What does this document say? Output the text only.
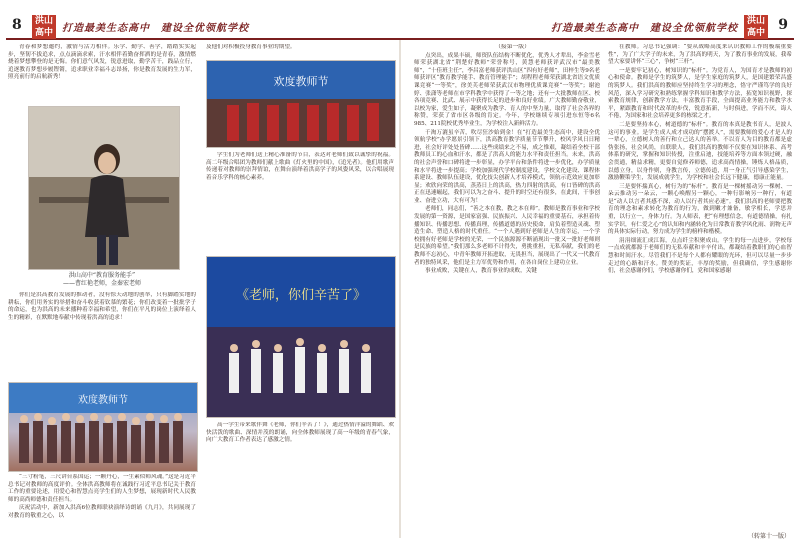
8	洪山高中 打造最美生态高中　建设全优领航学校

青春和梦想邀约，激情与活力相伴。乐学、勤学、善学，踏踏实实起步，坚韧不拔追求，点点滴滴求索，汗水相伴着勤奋挥洒的是青春，激情燃烧着梦想攀登的是无悔。你们意气风发，锐意进取，勤学苦干，践品立行，追逐教育梦想步履铿锵，追求职业幸福斗志昂扬，你是教育发展的生力军，照亮前行的启航新秀！

洪山高中“教育服务能手”
——曹红艳老师，金秦宏老师

你们是洪高教育发展的推动者，没有惊天动地的创举，只有脚踏实地的耕耘，你们用务实的举措和奋斗收获着钦慕的繁花；你们改变着一批批学子的命运，也为洪高的未来播种着幸福和希望，你们在平凡的岗位上演绎着人生的精彩，在默默地奉献中传现着洪高的追求！

欢度教师节

“三寸粉笔，三尺讲台系国运；一颗丹心，一生素似师风魂。”这是习近平总书记对教师的高度评价。全体洪高教师将在诚践行习近平总书记关于教育工作的重要论述，用爱心和智慧点亮学生们的人生梦想，展现新时代人民教师的高尚师德和责任担当。

庆祝活动中，新加入洪高6位教师联袂演绎诗朗诵《九月》，共同展现了对教育的敬重之心，以

及他们对积极投身教育事业的期望。

欢度教师节

学生们为老师们送上精心准备的节目，表达对老师们致以诚挚的祝福。高二年级合唱团为教师们献上歌曲《灯火里的中国》，《追光者》。他们用歌声传递着对教师的崇拜情谊，在舞台演绎着洪高学子的风姿风采，以合唱展现着音乐学科的核心素养。

《老师，你们辛苦了》

高一学生带来歌伴舞《老师，你们辛苦了！》，通过热情洋溢的舞蹈、欢快活泼的歌曲、深情并茂的朗诵，向全体教师展现了高一年级的青春气象，向广大教育工作者表达了感激之情。

打造最美生态高中　建设全优领航学校
洪山高中 9

（接第一版）

点突出，成果丰硕，师资队伍结构不断优化，优秀人才辈出，李金雪老师荣获湖北省“荆楚好教师”荣誉称号，黄慧老师获评武汉市“最美教师”，“十佳班主任”，李昌富老师获评洪山区“四有好老师”，田梓生等9名老师获评区“教育教学能手、教育管理能手”；胡程程老师荣获湖北省语文优质课竞赛“一等奖”，徐美芙老师荣获武汉市物理优质课竞赛“一等奖”；谢池婷、张潇等老师在市学科教学中获得了一等之地；还有一大批教师在区、校各项竞赛、比武、展示中获得长足的进步和良好业绩。广大教师勤奋敬业，以校为家，爱生如子，凝聚成为教学、育人的中坚力量，取得了社会各界的称赞，荣获了省市区各级的肯定。今年，学校继续专项引进东恒等6名985、211院校优秀毕业生，为学校注入新鲜活力。

千淘万漉虽辛苦，吹尽狂沙始到金！在“打造最美生态高中，建设全优领航学校”办学愿景引领下，洪高教育教学质量节节攀升，校风学风日日精进，社会好评处处皆碑……这些成绩来之不易，成之惟艰，凝结着全校干部教师员工的心血和汗水，都是了洪高人的能力水平和责任担当。未来，洪高的社会声誉和口碑将进一步彰显，办学平台和条件将进一步优化，办学质量和水平将进一步提高；学校加强现代学校制度建设，学校文化建设、课程体系建设、教师队伍建设，优化技尖创新人才培养模式，领航示范效应更加彰显；欢欣向荣的洪高，蒸蒸日上的洪高，热力四射的洪高，有口皆碑的洪高正在迅速崛起，我们可以为之奋斗、提升的时空还有很多，在此间，干事创业、奋进立功，大有可为！

老师们，同志们，“善之本在教，教之本在师”。教师是教育事业和学校发展的第一资源，是国家富强、民族振兴、人民幸福的重要基石，承担着传播知识、传播思想、传播真理，传播道德的历史使命，肩负着塑造灵魂、塑造生命、塑造人格的时代重任。“一个人遇到好老师是人生的幸运，一个学校拥有好老师是学校的光荣，一个民族源源不断涌现出一批又一批好老师则是民族的希望。”我们那么多老师不计得失，勇挑重担，无私奉献，我们的老教师不忘初心，中青年教师开拓进取，无畏担当，展现出了一代又一代教育者的独特风采，他们是主力军优势和作用，在各自岗位上建功立业。

事业成败，关键在人，教育事业的成败，关键

在教师。习总书记强调：“要从战略高度来认识教师工作的极端重要性”，为了广大学子的未来，为了洪高的明天，为了教育事业的发展，我希望大家要讲怀“三心”，争树“三杆”。

一是要牢记初心，树知识的“标杆”。为党育人，为国育才是教师的初心和使命。教师是学生的筑梦人，是学生家庭的筑梦人，是国建繁荣昌盛的筑梦人。我们洪高的教师应坚持终生学习的理念，恪守严谨笃学的良好风范，深入学习研究和熟练掌握学科知识和教学方法，拓宽知识视野，探索教育规律，创新教学方法，丰富教育手段，全面提高业务能力和教学水平，紧跟教育和时代改革的步伐，锐意拓新，与时俱进，学而不厌，诲人不倦，为国家和社会培养更多的栋梁之才。

二是要坚持本心，树道德的“标杆”。教育的本真是教书育人，是波人这可的事业。是学生成人成才成功的“摆渡人”，需要教师的爱心才是人的一辈心，立德树人的善行和立己达人的善举。不以育人为目的教育都是虚伪张扬，社会风尚，自联联人。我们洪高的教师不仅要在知识体系、高考体系的研究，掌握和知识传授，注重启迪，技能培养等方面本领过硬，融会贯通，精益求精，更要自觉修养师德，追求高尚情操，锤炼人格品质，以德立身，以身作则，身教言传，立德传道，用一身正气引导感染学生，激励鞭策学生，发展成就学生，为学校和社会长远下健康，德康正能量。

三是要怀揣真心，树行为的“标杆”。教育是一棵树摇动另一棵树、一朵云推动另一朵云，一颗心唤醒另一颗心，一种行影响另一种行，有道是“动人以言者其感不深，动人以行者其应必速”。我们洪高的老师要把教育的理念和素求转化为教育的行为，做到嫩才兼备，敏学相长，学思并重，以行立一，身体力行。为人师表，把“有理想信念，有道德情操，有扎实学识，有仁爱之心”的认知和内涵转化为日常教育教学风化雨、润物无声的具体实际行动，努力成为学生的榜样和楷模。

涓涓细流汇成江海，点点纤尘积聚成山。学生的每一点进步，学校每一点成就都源于老师们的无私奉献和辛辛付出，都凝结着教职们的心血智慧和时间汗水。尽管我们不是每个人都有耀眼的光环，但可以尽量一步步走过的心路和汗水。赞美的奖证，丰厚的奖励，但我确信，学生感谢你们，社会感谢你们，学校感谢你们，党和国家感谢

（转第十一版）
